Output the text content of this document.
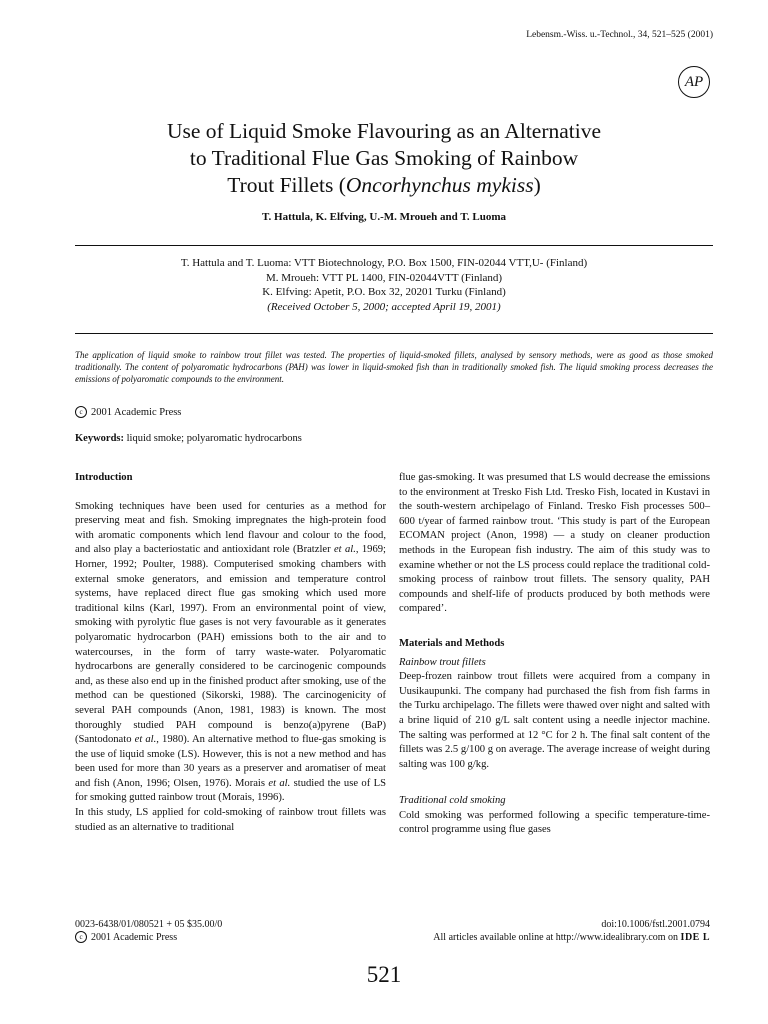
Lebensm.-Wiss. u.-Technol., 34, 521–525 (2001)
AP
Use of Liquid Smoke Flavouring as an Alternative
to Traditional Flue Gas Smoking of Rainbow
Trout Fillets (Oncorhynchus mykiss)
T. Hattula, K. Elfving, U.-M. Mroueh and T. Luoma
T. Hattula and T. Luoma: VTT Biotechnology, P.O. Box 1500, FIN-02044 VTT,U- (Finland)
M. Mroueh: VTT PL 1400, FIN-02044VTT (Finland)
K. Elfving: Apetit, P.O. Box 32, 20201 Turku (Finland)
(Received October 5, 2000; accepted April 19, 2001)
The application of liquid smoke to rainbow trout fillet was tested. The properties of liquid-smoked fillets, analysed by sensory methods, were as good as those smoked traditionally. The content of polyaromatic hydrocarbons (PAH) was lower in liquid-smoked fish than in traditionally smoked fish. The liquid smoking process decreases the emissions of polyaromatic compounds to the environment.
c 2001 Academic Press
Keywords: liquid smoke; polyaromatic hydrocarbons
Introduction

Smoking techniques have been used for centuries as a method for preserving meat and fish. Smoking impregnates the high-protein food with aromatic components which lend flavour and colour to the food, and also play a bacteriostatic and antioxidant role (Bratzler et al., 1969; Horner, 1992; Poulter, 1988). Computerised smoking chambers with external smoke generators, and emission and temperature control systems, have replaced direct flue gas smoking which used more traditional kilns (Karl, 1997). From an environmental point of view, smoking with pyrolytic flue gases is not very favourable as it generates polyaromatic hydrocarbon (PAH) emissions both to the air and to watercourses, in the form of tarry waste-water. Polyaromatic hydrocarbons are generally considered to be carcinogenic compounds and, as these also end up in the finished product after smoking, use of the method can be questioned (Sikorski, 1988). The carcinogenicity of several PAH compounds (Anon, 1981, 1983) is known. The most thoroughly studied PAH compound is benzo(a)pyrene (BaP) (Santodonato et al., 1980). An alternative method to flue-gas smoking is the use of liquid smoke (LS). However, this is not a new method and has been used for more than 30 years as a preserver and aromatiser of meat and fish (Anon, 1996; Olsen, 1976). Morais et al. studied the use of LS for smoking gutted rainbow trout (Morais, 1996).

In this study, LS applied for cold-smoking of rainbow trout fillets was studied as an alternative to traditional

flue gas-smoking. It was presumed that LS would decrease the emissions to the environment at Tresko Fish Ltd. Tresko Fish, located in Kustavi in the south-western archipelago of Finland. Tresko Fish processes 500–600 t/year of farmed rainbow trout. ‘This study is part of the European ECOMAN project (Anon, 1998) — a study on cleaner production methods in the European fish industry. The aim of this study was to examine whether or not the LS process could replace the traditional cold-smoking process of rainbow trout fillets. The sensory quality, PAH compounds and shelf-life of products produced by both methods were compared’.

Materials and Methods

Rainbow trout fillets

Deep-frozen rainbow trout fillets were acquired from a company in Uusikaupunki. The company had purchased the fish from fish farms in the Turku archipelago. The fillets were thawed over night and salted with a brine liquid of 210 g/L salt content using a needle injector machine. The salting was performed at 12 °C for 2 h. The final salt content of the fillets was 2.5 g/100 g on average. The average increase of weight during salting was 100 g/kg.

Traditional cold smoking

Cold smoking was performed following a specific temperature-time-control programme using flue gases

0023-6438/01/080521 + 05 $35.00/0
c 2001 Academic Press
doi:10.1006/fstl.2001.0794
All articles available online at http://www.idealibrary.com on IDE L
521
